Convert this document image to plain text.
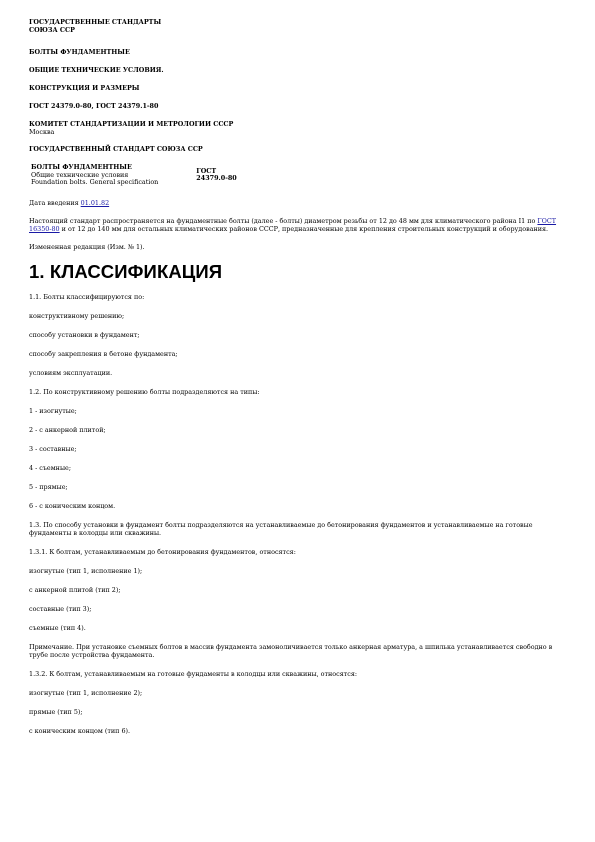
ГОСУДАРСТВЕННЫЕ СТАНДАРТЫ

СОЮЗА ССР

БОЛТЫ ФУНДАМЕНТНЫЕ

ОБЩИЕ ТЕХНИЧЕСКИЕ УСЛОВИЯ.

КОНСТРУКЦИЯ И РАЗМЕРЫ

ГОСТ 24379.0-80, ГОСТ 24379.1-80

КОМИТЕТ СТАНДАРТИЗАЦИИ И МЕТРОЛОГИИ СССР

Москва

ГОСУДАРСТВЕННЫЙ СТАНДАРТ СОЮЗА ССР

БОЛТЫ ФУНДАМЕНТНЫЕ
Общие технические условия
Foundation bolts. General specification

ГОСТ
24379.0-80

Дата введения 01.01.82

Настоящий стандарт распространяется на фундаментные болты (далее - болты) диаметром резьбы от 12 до 48 мм для климатического района I1 по ГОСТ 16350-80 и от 12 до 140 мм для остальных климатических районов СССР, предназначенные для крепления строительных конструкций и оборудования.

Измененная редакция (Изм. № 1).

1. КЛАССИФИКАЦИЯ

1.1. Болты классифицируются по:

конструктивному решению;

способу установки в фундамент;

способу закрепления в бетоне фундамента;

условиям эксплуатации.

1.2. По конструктивному решению болты подразделяются на типы:

1 - изогнутые;

2 - с анкерной плитой;

3 - составные;

4 - съемные;

5 - прямые;

6 - с коническим концом.

1.3. По способу установки в фундамент болты подразделяются на устанавливаемые до бетонирования фундаментов и устанавливаемые на готовые фундаменты в колодцы или скважины.

1.3.1. К болтам, устанавливаемым до бетонирования фундаментов, относятся:

изогнутые (тип 1, исполнение 1);

с анкерной плитой (тип 2);

составные (тип 3);

съемные (тип 4).

Примечание. При установке съемных болтов в массив фундамента замоноличивается только анкерная арматура, а шпилька устанавливается свободно в трубе после устройства фундамента.

1.3.2. К болтам, устанавливаемым на готовые фундаменты в колодцы или скважины, относятся:

изогнутые (тип 1, исполнение 2);

прямые (тип 5);

с коническим концом (тип 6).
